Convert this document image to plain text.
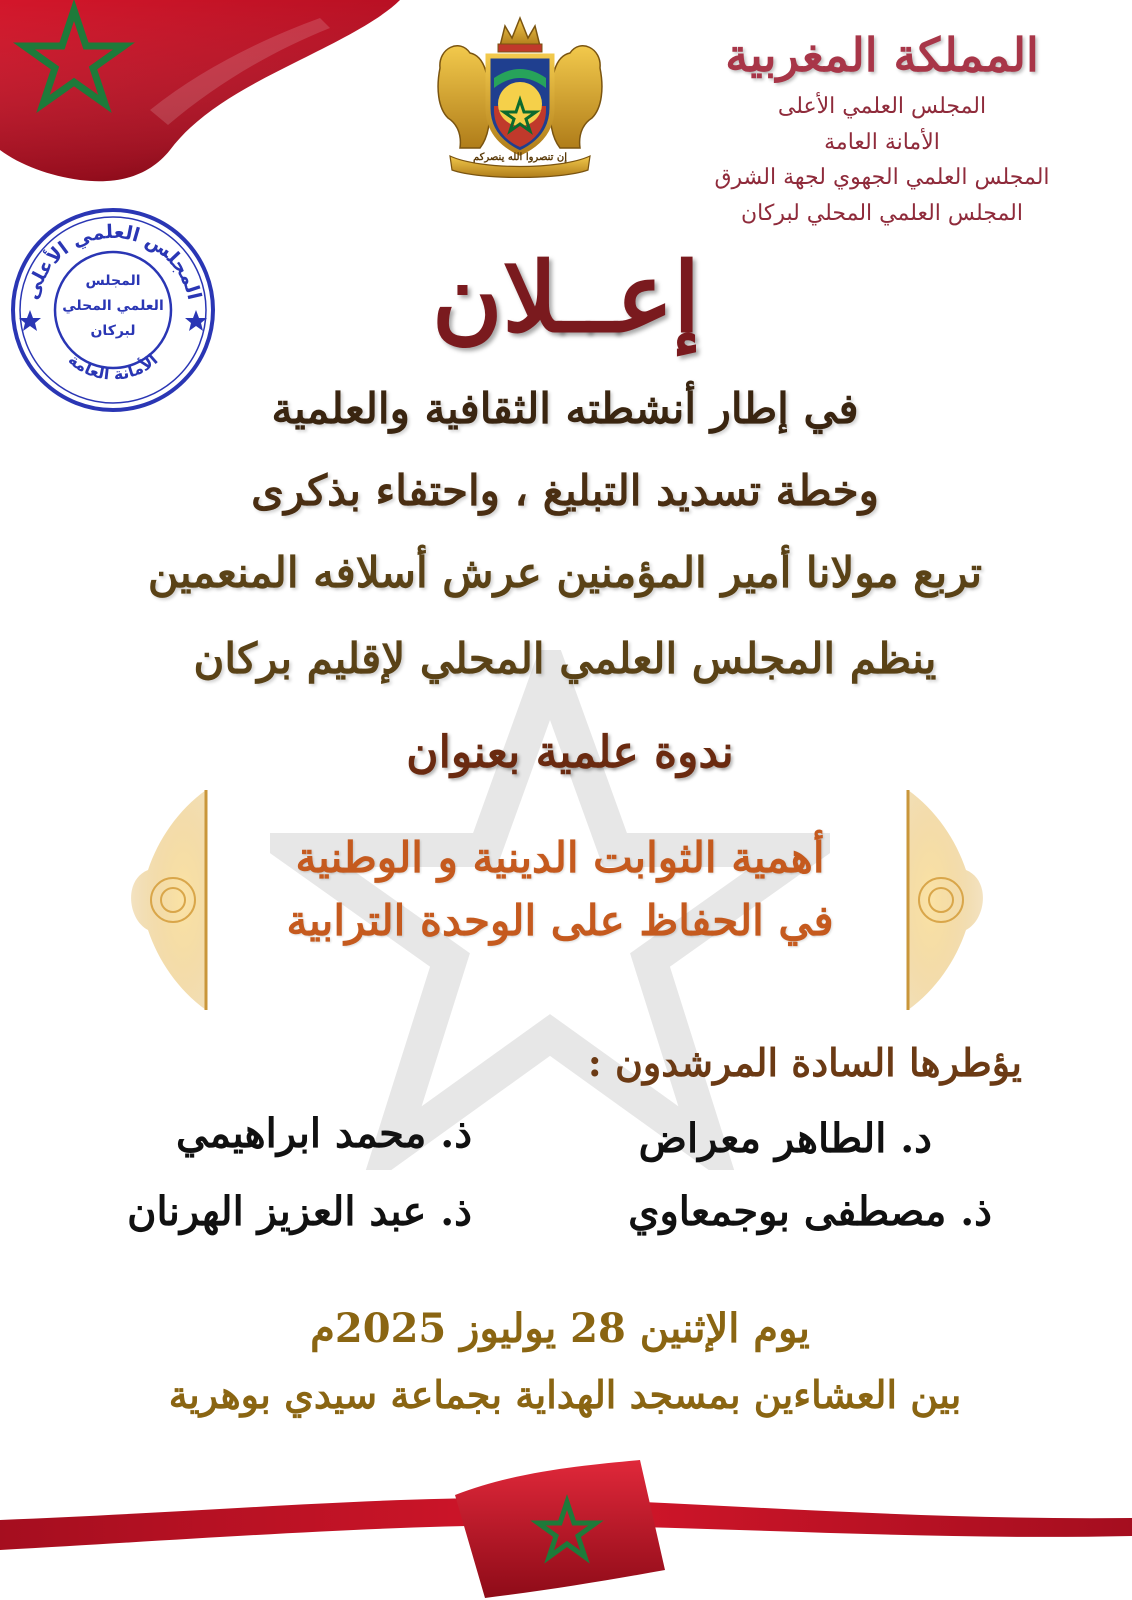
إن تنصروا الله ينصركم
المملكة المغربية
المجلس العلمي الأعلى
الأمانة العامة
المجلس العلمي الجهوي لجهة الشرق
المجلس العلمي المحلي لبركان
المجلس العلمي الأعلى
الأمانة العامة
المجلس
العلمي المحلي
لبركان	إعــلان
في إطار أنشطته الثقافية والعلمية
وخطة تسديد التبليغ ، واحتفاء بذكرى
تربع مولانا أمير المؤمنين عرش أسلافه المنعمين
ينظم المجلس العلمي المحلي لإقليم بركان
ندوة علمية بعنوان
أهمية الثوابت الدينية و الوطنية
في الحفاظ على الوحدة الترابية
يؤطرها السادة المرشدون :
د. الطاهر معراض
ذ. محمد ابراهيمي
ذ. مصطفى بوجمعاوي
ذ. عبد العزيز الهرنان
يوم الإثنين 28 يوليوز 2025م
بين العشاءين بمسجد الهداية بجماعة سيدي بوهرية
